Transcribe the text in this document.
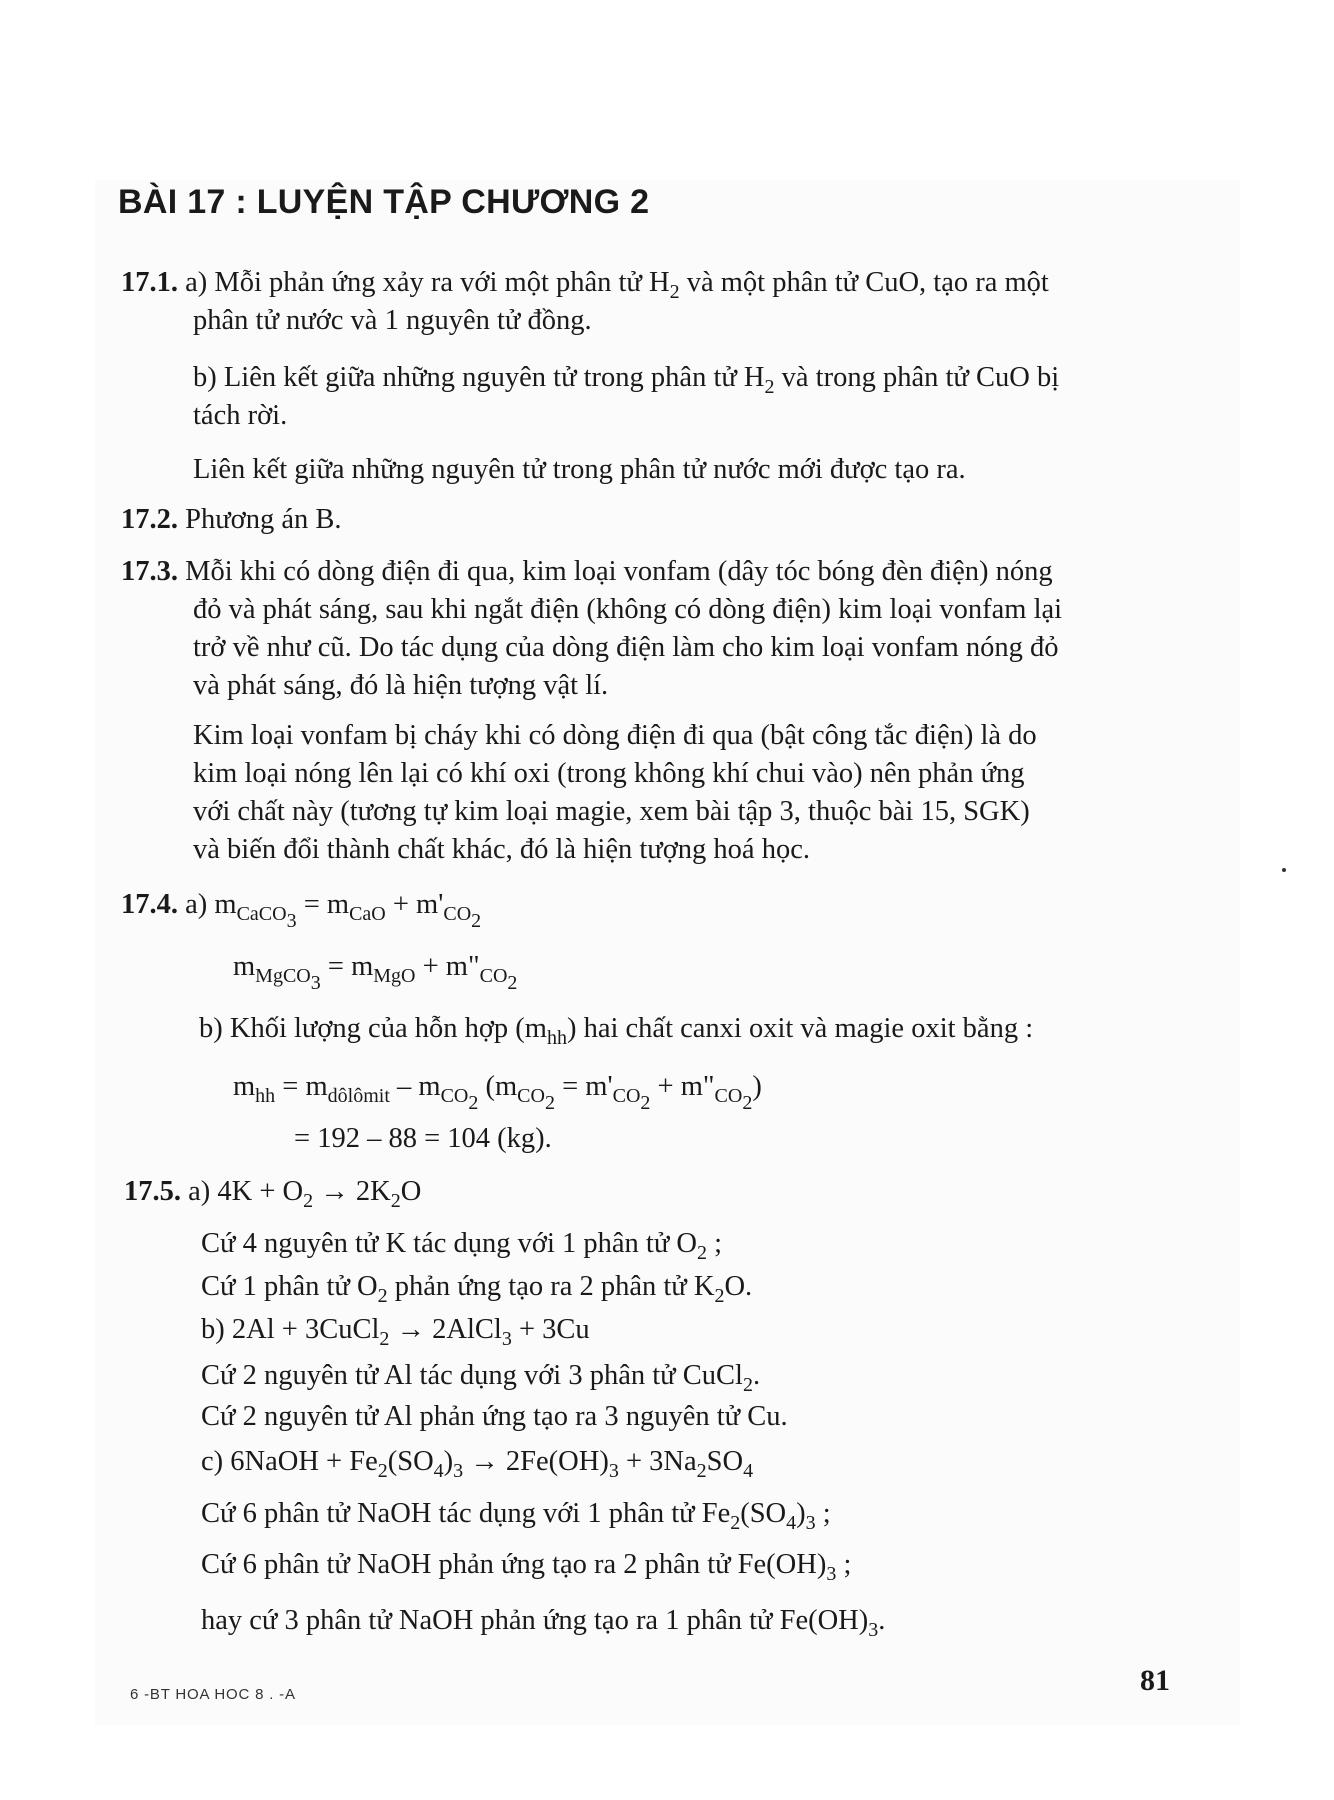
BÀI 17 : LUYỆN TẬP CHƯƠNG 2

17.1. a) Mỗi phản ứng xảy ra với một phân tử $H_2$ và một phân tử CuO, tạo ra một

phân tử nước và 1 nguyên tử đồng.

b) Liên kết giữa những nguyên tử trong phân tử $H_2$ và trong phân tử CuO bị

tách rời.

Liên kết giữa những nguyên tử trong phân tử nước mới được tạo ra.

17.2. Phương án B.

17.3. Mỗi khi có dòng điện đi qua, kim loại vonfam (dây tóc bóng đèn điện) nóng

đỏ và phát sáng, sau khi ngắt điện (không có dòng điện) kim loại vonfam lại

trở về như cũ. Do tác dụng của dòng điện làm cho kim loại vonfam nóng đỏ

và phát sáng, đó là hiện tượng vật lí.

Kim loại vonfam bị cháy khi có dòng điện đi qua (bật công tắc điện) là do

kim loại nóng lên lại có khí oxi (trong không khí chui vào) nên phản ứng

với chất này (tương tự kim loại magie, xem bài tập 3, thuộc bài 15, SGK)

và biến đổi thành chất khác, đó là hiện tượng hoá học.

17.4. a) $m_{CaCO_3} = m_{CaO} + m'_{CO_2}$

$m_{MgCO_3} = m_{MgO}$ + $m"_{CO_2}$

b) Khối lượng của hỗn hợp $(m_{hh})$ hai chất canxi oxit và magie oxit bằng :

$m_{hh} = m_{dôlômit} - m_{CO_2}$ ($m_{CO_2} = m'_{CO_2}$ + $m"_{CO_2}$)

= 192 – 88 = 104 (kg).

17.5. a) $4K + O_2 \to 2K_2O$

Cứ 4 nguyên tử K tác dụng với 1 phân tử $O_2$ ;

Cứ 1 phân tử $O_2$ phản ứng tạo ra 2 phân tử $K_2O$.

b) 2Al + 3CuCl$_2$ → 2AlCl$_3$ + 3Cu

Cứ 2 nguyên tử Al tác dụng với 3 phân tử CuCl$_2$.

Cứ 2 nguyên tử Al phản ứng tạo ra 3 nguyên tử Cu.

c) 6NaOH + $Fe_2(SO_4)_3 \to 2Fe(OH)_3 + 3Na_2SO_4$

Cứ 6 phân tử NaOH tác dụng với 1 phân tử $Fe_2(SO_4)_3$ ;

Cứ 6 phân tử NaOH phản ứng tạo ra 2 phân tử $Fe(OH)_3$ ;

hay cứ 3 phân tử NaOH phản ứng tạo ra 1 phân tử $Fe(OH)_3$.

6 -BT HOA HOC 8 . -A	81
